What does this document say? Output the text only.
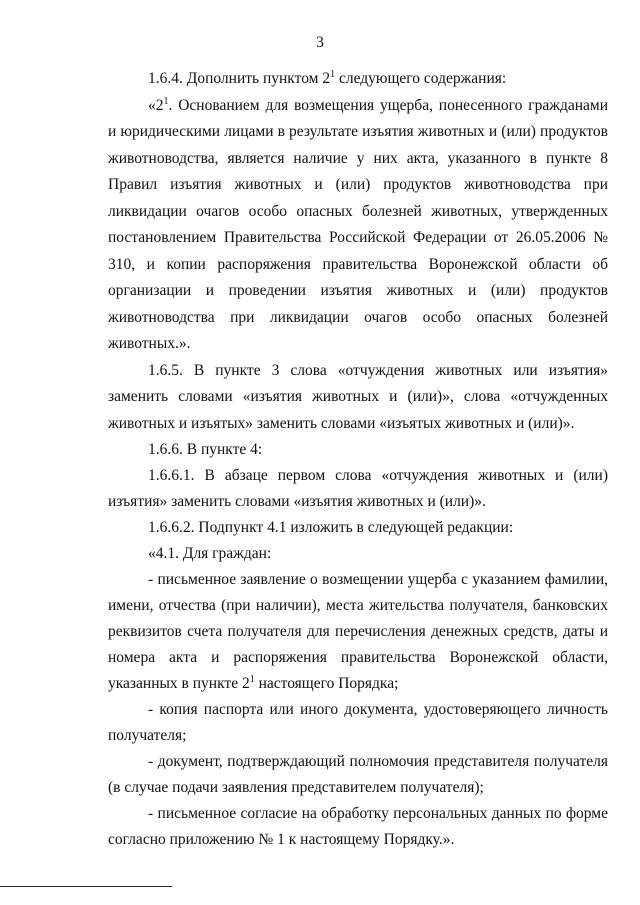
3

1.6.4. Дополнить пунктом $2^1$ следующего содержания:

«$2^1$. Основанием для возмещения ущерба, понесенного гражданами и юридическими лицами в результате изъятия животных и (или) продуктов животноводства, является наличие у них акта, указанного в пункте 8 Правил изъятия животных и (или) продуктов животноводства при ликвидации очагов особо опасных болезней животных, утвержденных постановлением Правительства Российской Федерации от 26.05.2006 № 310, и копии распоряжения правительства Воронежской области об организации и проведении изъятия животных и (или) продуктов животноводства при ликвидации очагов особо опасных болезней животных.».

1.6.5. В пункте 3 слова «отчуждения животных или изъятия» заменить словами «изъятия животных и (или)», слова «отчужденных животных и изъятых» заменить словами «изъятых животных и (или)».

1.6.6. В пункте 4:

1.6.6.1. В абзаце первом слова «отчуждения животных и (или) изъятия» заменить словами «изъятия животных и (или)».

1.6.6.2. Подпункт 4.1 изложить в следующей редакции:

«4.1. Для граждан:

- письменное заявление о возмещении ущерба с указанием фамилии, имени, отчества (при наличии), места жительства получателя, банковских реквизитов счета получателя для перечисления денежных средств, даты и номера акта и распоряжения правительства Воронежской области, указанных в пункте $2^1$ настоящего Порядка;

- копия паспорта или иного документа, удостоверяющего личность получателя;

- документ, подтверждающий полномочия представителя получателя (в случае подачи заявления представителем получателя);

- письменное согласие на обработку персональных данных по форме согласно приложению № 1 к настоящему Порядку.».
